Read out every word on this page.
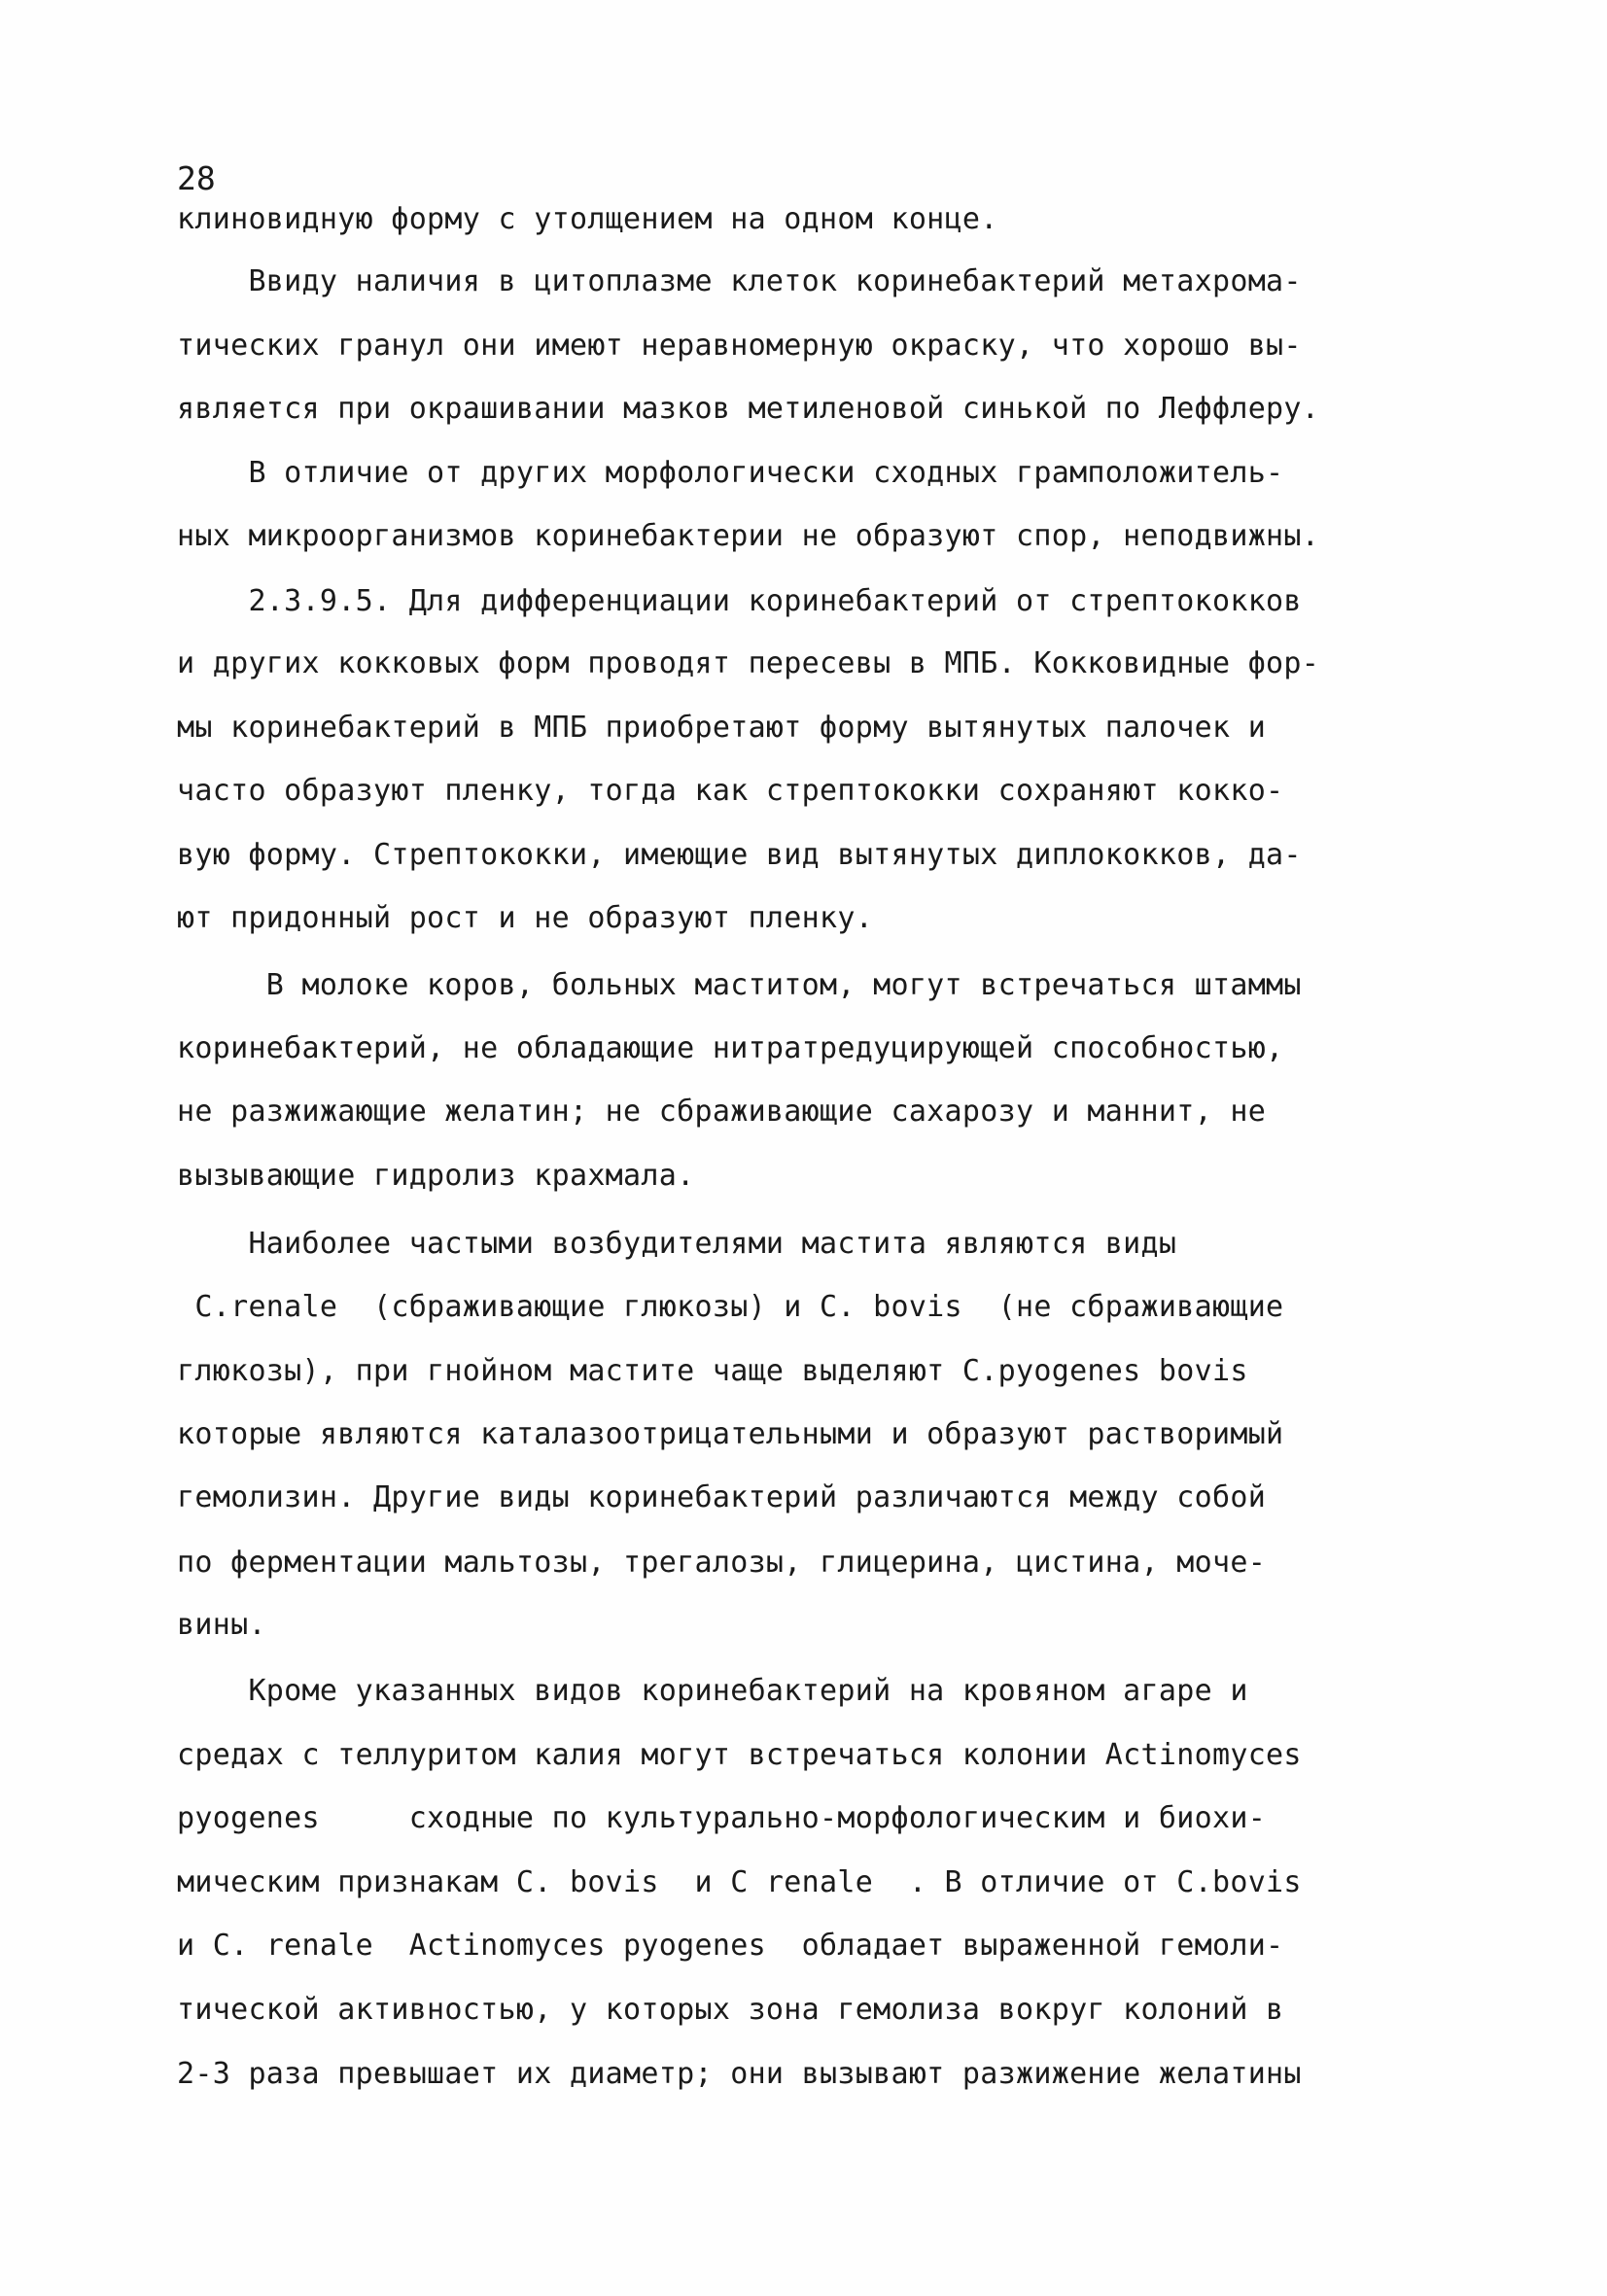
28
клиновидную форму с утолщением на одном конце.
Ввиду наличия в цитоплазме клеток коринебактерий метахрома-
тических гранул они имеют неравномерную окраску, что хорошо вы-
является при окрашивании мазков метиленовой синькой по Леффлеру.
В отличие от других морфологически сходных грамположитель-
ных микроорганизмов коринебактерии не образуют спор, неподвижны.
2.3.9.5. Для дифференциации коринебактерий от стрептококков
и других кокковых форм проводят пересевы в МПБ. Кокковидные фор-
мы коринебактерий в МПБ приобретают форму вытянутых палочек и
часто образуют пленку, тогда как стрептококки сохраняют кокко-
вую форму. Стрептококки, имеющие вид вытянутых диплококков, да-
ют придонный рост и не образуют пленку.
В молоке коров, больных маститом, могут встречаться штаммы
коринебактерий, не обладающие нитратредуцирующей способностью,
не разжижающие желатин; не сбраживающие сахарозу и маннит, не
вызывающие гидролиз крахмала.
Наиболее частыми возбудителями мастита являются виды
C.renale  (сбраживающие глюкозы) и C. bovis  (не сбраживающие
глюкозы), при гнойном мастите чаще выделяют C.pyogenes bovis
которые являются каталазоотрицательными и образуют растворимый
гемолизин. Другие виды коринебактерий различаются между собой
по ферментации мальтозы, трегалозы, глицерина, цистина, моче-
вины.
Кроме указанных видов коринебактерий на кровяном агаре и
средах с теллуритом калия могут встречаться колонии Actinomyces
pyogenes     сходные по культурально-морфологическим и биохи-
мическим признакам C. bovis  и C renale  . В отличие от C.bovis
и C. renale  Actinomyces pyogenes  обладает выраженной гемоли-
тической активностью, у которых зона гемолиза вокруг колоний в
2-3 раза превышает их диаметр; они вызывают разжижение желатины
